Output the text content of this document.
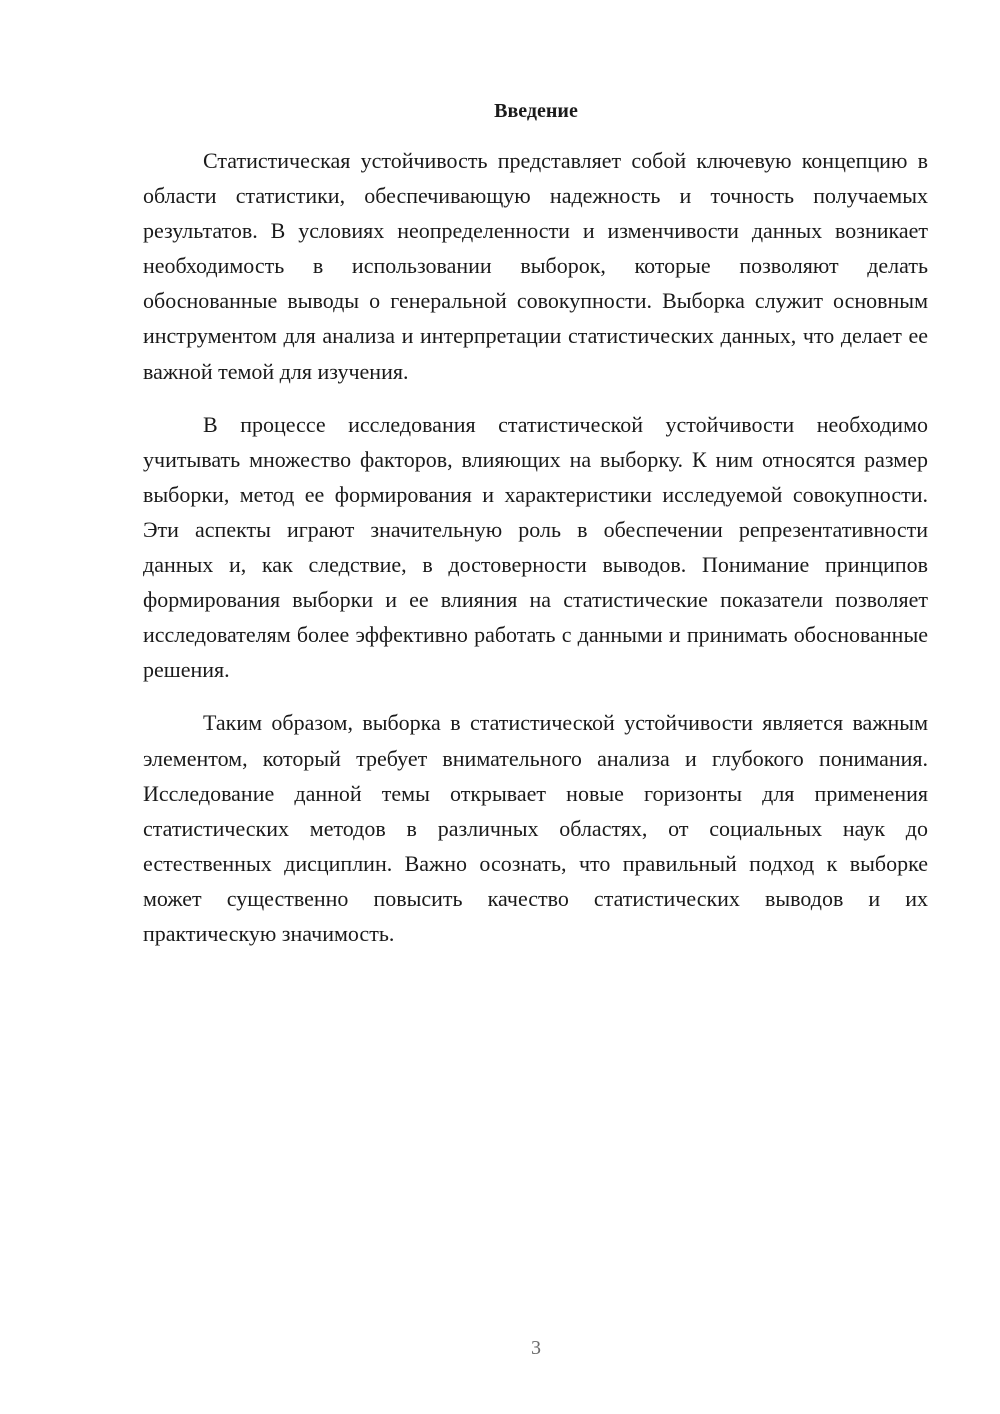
Введение

Статистическая устойчивость представляет собой ключевую концепцию в области статистики, обеспечивающую надежность и точность получаемых результатов. В условиях неопределенности и изменчивости данных возникает необходимость в использовании выборок, которые позволяют делать обоснованные выводы о генеральной совокупности. Выборка служит основным инструментом для анализа и интерпретации статистических данных, что делает ее важной темой для изучения.

В процессе исследования статистической устойчивости необходимо учитывать множество факторов, влияющих на выборку. К ним относятся размер выборки, метод ее формирования и характеристики исследуемой совокупности. Эти аспекты играют значительную роль в обеспечении репрезентативности данных и, как следствие, в достоверности выводов. Понимание принципов формирования выборки и ее влияния на статистические показатели позволяет исследователям более эффективно работать с данными и принимать обоснованные решения.

Таким образом, выборка в статистической устойчивости является важным элементом, который требует внимательного анализа и глубокого понимания. Исследование данной темы открывает новые горизонты для применения статистических методов в различных областях, от социальных наук до естественных дисциплин. Важно осознать, что правильный подход к выборке может существенно повысить качество статистических выводов и их практическую значимость.

3
